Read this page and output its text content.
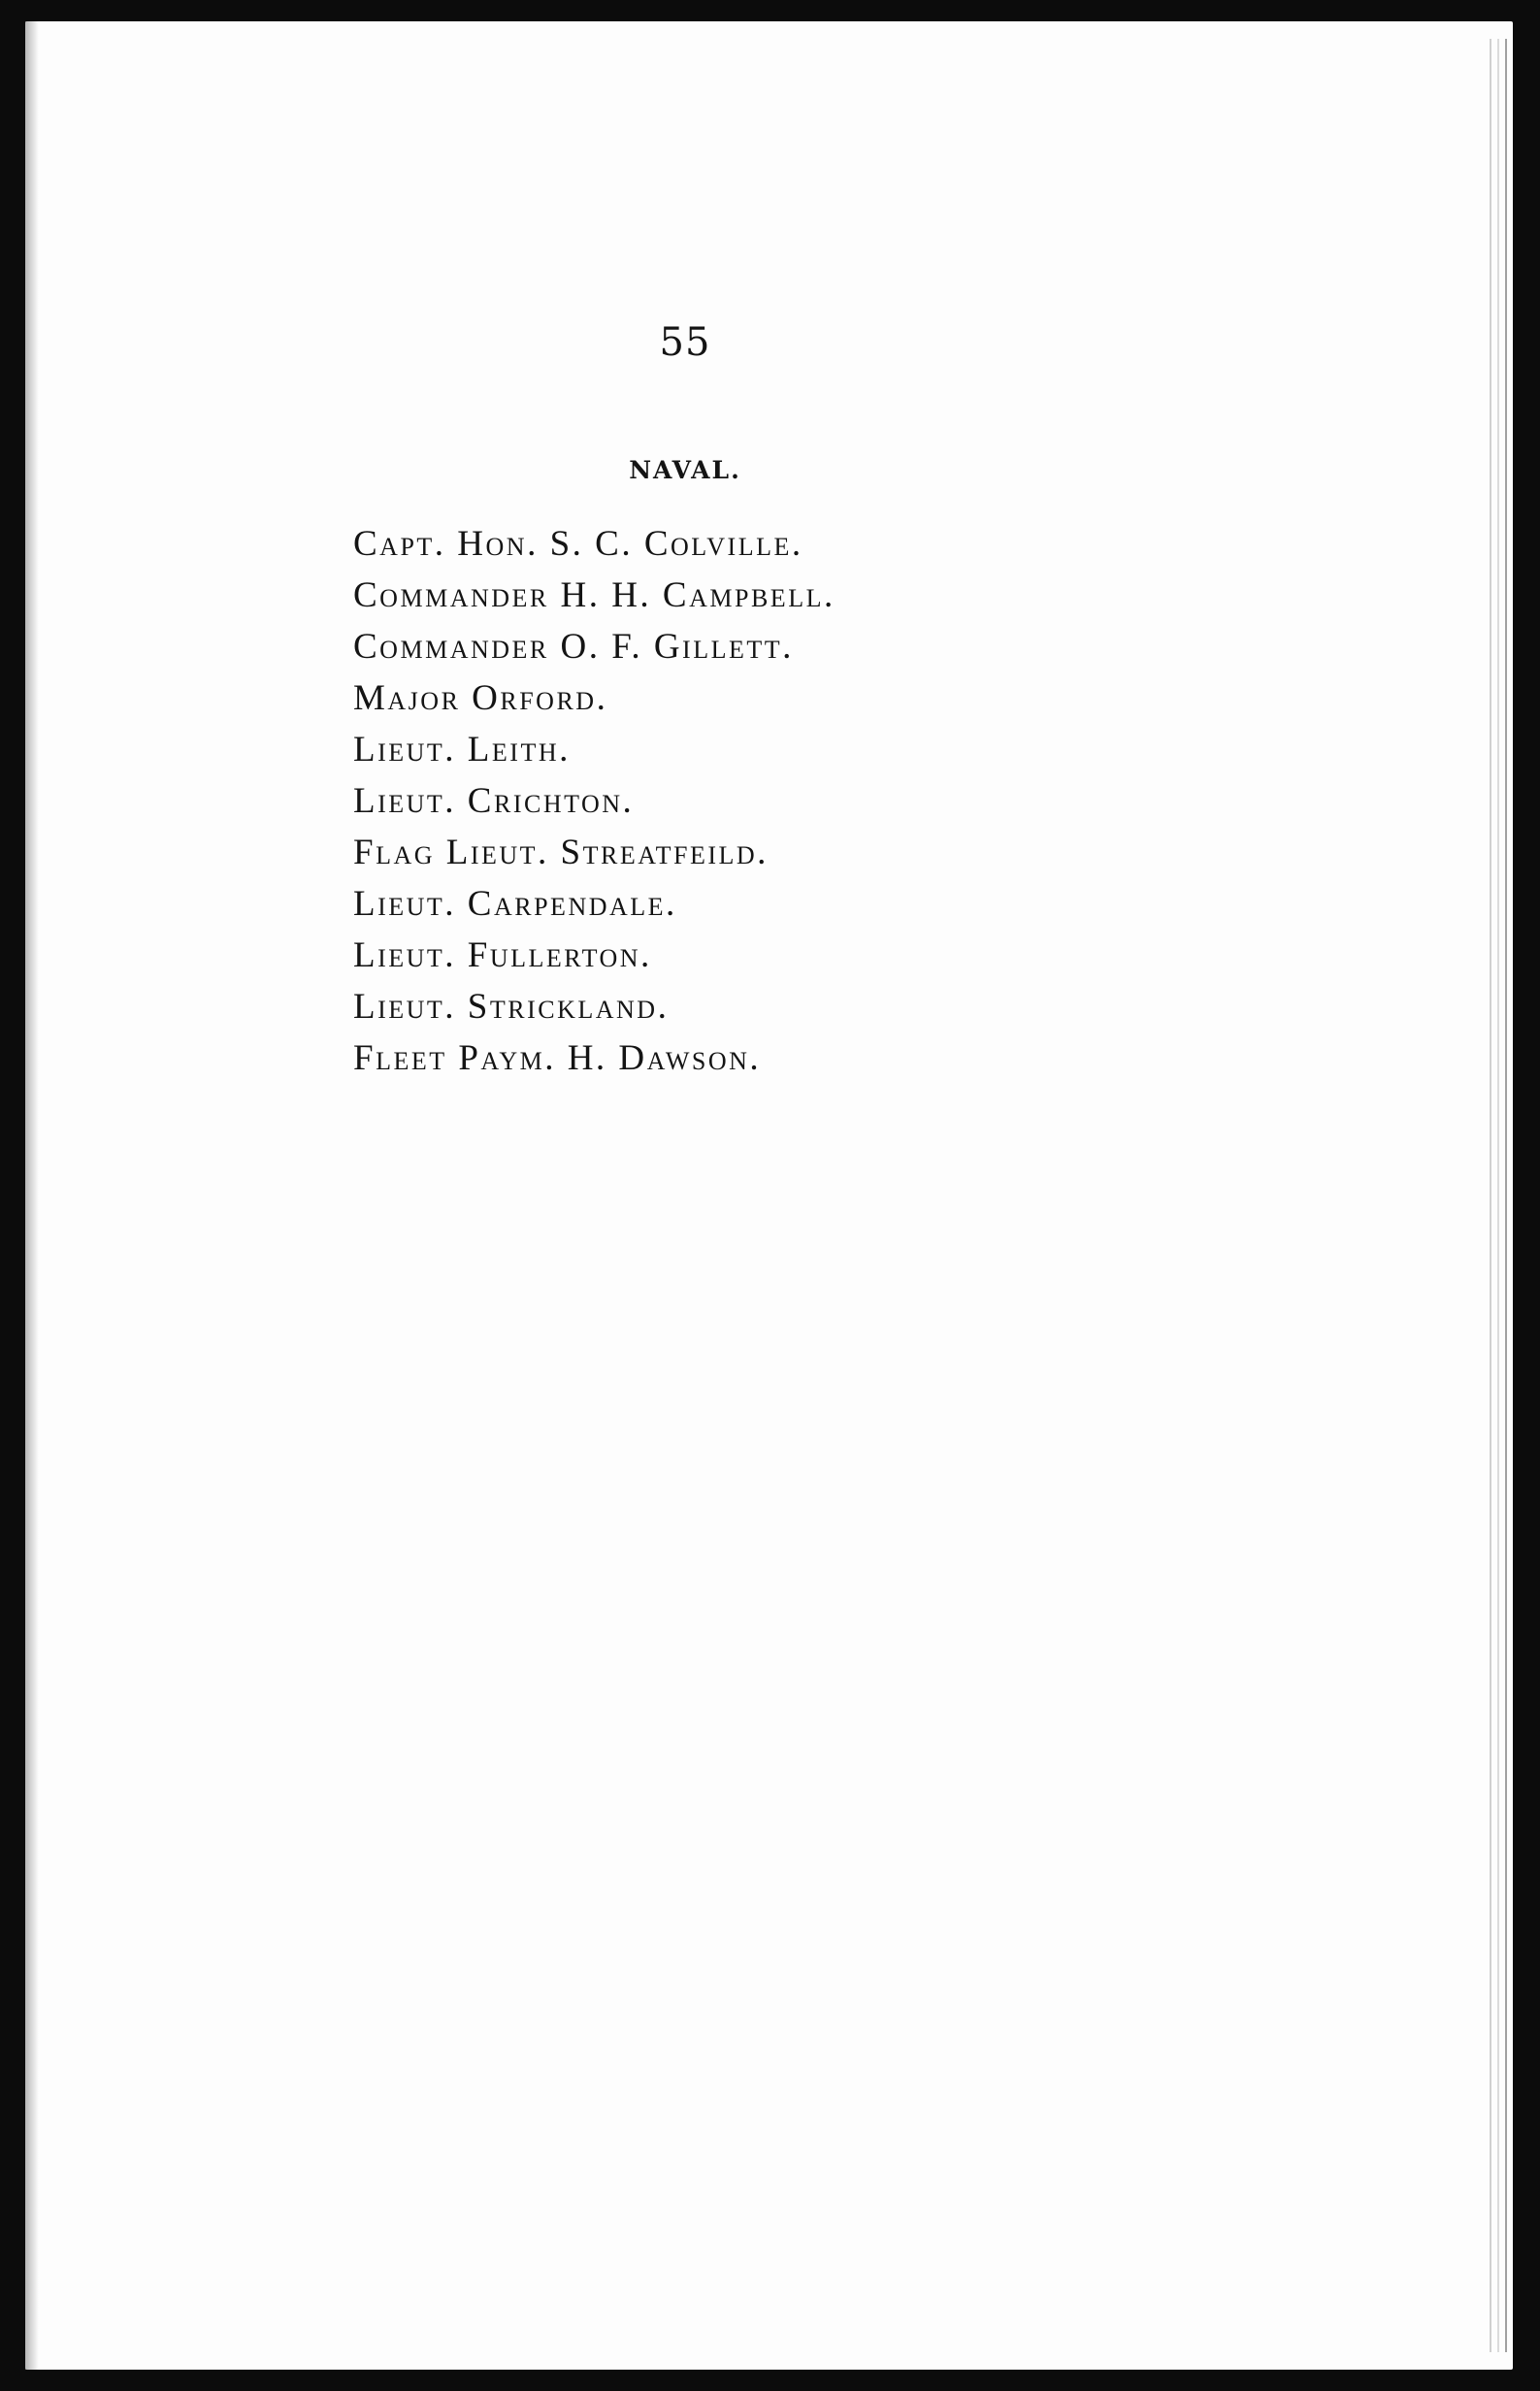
55
NAVAL.
Capt. Hon. S. C. Colville.
Commander H. H. Campbell.
Commander O. F. Gillett.
Major Orford.
Lieut. Leith.
Lieut. Crichton.
Flag Lieut. Streatfeild.
Lieut. Carpendale.
Lieut. Fullerton.
Lieut. Strickland.
Fleet Paym. H. Dawson.
